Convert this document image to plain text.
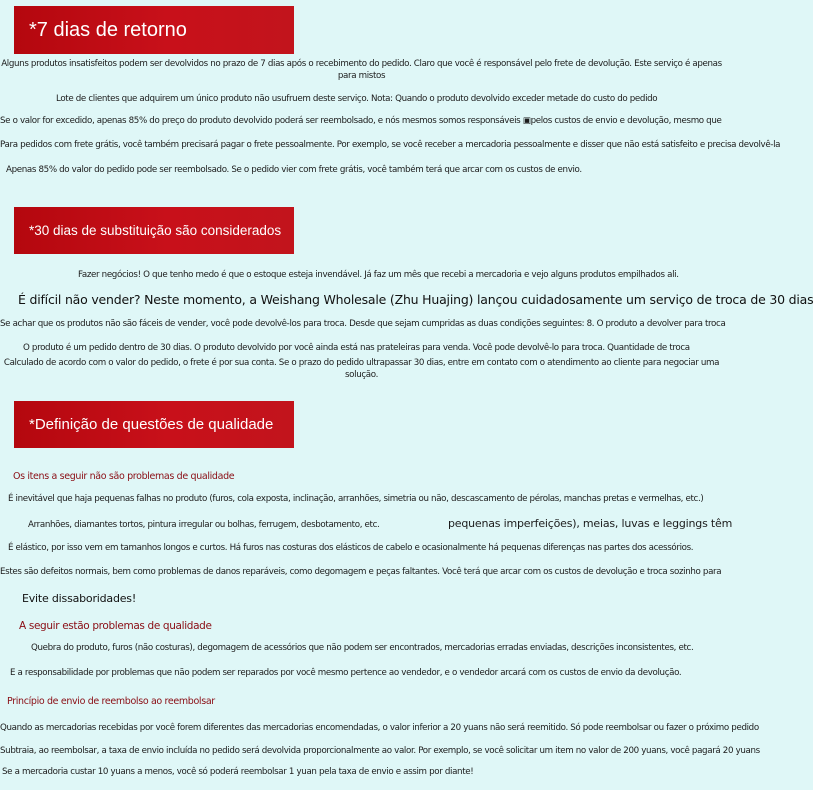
*7 dias de retorno
Alguns produtos insatisfeitos podem ser devolvidos no prazo de 7 dias após o recebimento do pedido. Claro que você é responsável pelo frete de devolução. Este serviço é apenas para mistos
Lote de clientes que adquirem um único produto não usufruem deste serviço. Nota: Quando o produto devolvido exceder metade do custo do pedido
Se o valor for excedido, apenas 85% do preço do produto devolvido poderá ser reembolsado, e nós mesmos somos responsáveis ▣pelos custos de envio e devolução, mesmo que
Para pedidos com frete grátis, você também precisará pagar o frete pessoalmente. Por exemplo, se você receber a mercadoria pessoalmente e disser que não está satisfeito e precisa devolvê-la
Apenas 85% do valor do pedido pode ser reembolsado. Se o pedido vier com frete grátis, você também terá que arcar com os custos de envio.
*30 dias de substituição são considerados
Fazer negócios! O que tenho medo é que o estoque esteja invendável. Já faz um mês que recebi a mercadoria e vejo alguns produtos empilhados ali.
É difícil não vender? Neste momento, a Weishang Wholesale (Zhu Huajing) lançou cuidadosamente um serviço de troca de 30 dias
Se achar que os produtos não são fáceis de vender, você pode devolvê-los para troca. Desde que sejam cumpridas as duas condições seguintes: 8. O produto a devolver para troca
O produto é um pedido dentro de 30 dias. O produto devolvido por você ainda está nas prateleiras para venda. Você pode devolvê-lo para troca. Quantidade de troca
Calculado de acordo com o valor do pedido, o frete é por sua conta. Se o prazo do pedido ultrapassar 30 dias, entre em contato com o atendimento ao cliente para negociar uma solução.
*Definição de questões de qualidade
Os itens a seguir não são problemas de qualidade
É inevitável que haja pequenas falhas no produto (furos, cola exposta, inclinação, arranhões, simetria ou não, descascamento de pérolas, manchas pretas e vermelhas, etc.)
Arranhões, diamantes tortos, pintura irregular ou bolhas, ferrugem, desbotamento, etc.	pequenas imperfeições), meias, luvas e leggings têm
É elástico, por isso vem em tamanhos longos e curtos. Há furos nas costuras dos elásticos de cabelo e ocasionalmente há pequenas diferenças nas partes dos acessórios.
Estes são defeitos normais, bem como problemas de danos reparáveis, como degomagem e peças faltantes. Você terá que arcar com os custos de devolução e troca sozinho para
Evite dissaboridades!
A seguir estão problemas de qualidade
Quebra do produto, furos (não costuras), degomagem de acessórios que não podem ser encontrados, mercadorias erradas enviadas, descrições inconsistentes, etc.
E a responsabilidade por problemas que não podem ser reparados por você mesmo pertence ao vendedor, e o vendedor arcará com os custos de envio da devolução.
Princípio de envio de reembolso ao reembolsar
Quando as mercadorias recebidas por você forem diferentes das mercadorias encomendadas, o valor inferior a 20 yuans não será reemitido. Só pode reembolsar ou fazer o próximo pedido
Subtraia, ao reembolsar, a taxa de envio incluída no pedido será devolvida proporcionalmente ao valor. Por exemplo, se você solicitar um item no valor de 200 yuans, você pagará 20 yuans
Se a mercadoria custar 10 yuans a menos, você só poderá reembolsar 1 yuan pela taxa de envio e assim por diante!
